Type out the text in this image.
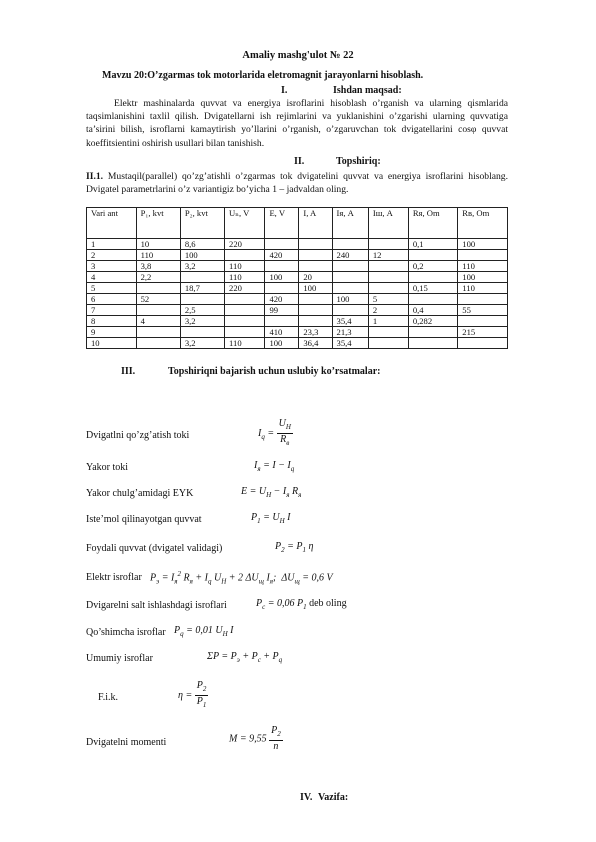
Amaliy mashg'ulot № 22
Mavzu 20:O’zgarmas tok motorlarida eletromagnit jarayonlarni hisoblash.
I.	Ishdan maqsad:
Elektr mashinalarda quvvat va energiya isroflarini hisoblash o’rganish va ularning qismlarida taqsimlanishini taxlil qilish. Dvigatellarni ish rejimlarini va yuklanishini o’zgarishi ularning quvvatiga ta’sirini bilish, isroflarni kamaytirish yo’llarini o’rganish, o’zgaruvchan tok dvigatellarini cosφ quvvat koeffitsientini oshirish usullari bilan tanishish.
II.	Topshiriq:
II.1. Mustaqil(parallel) qo’zg’atishli o’zgarmas tok dvigatelini quvvat va energiya isroflarini hisoblang. Dvigatel parametrlarini o’z variantigiz bo’yicha 1 – jadvaldan oling.
Vari ant	P₁, kvt	P₂, kvt	Uₙ, V	E, V	I, A	Iя, A	Iш, A	Rя, Om	Rв, Om
1	10	8,6	220					0,1	100
2	110	100		420		240	12		
3	3,8	3,2	110					0,2	110
4	2,2		110	100	20				100
5		18,7	220		100			0,15	110
6	52			420		100	5		
7		2,5		99			2	0,4	55
8	4	3,2				35,4	1	0,282	
9				410	23,3	21,3			215
10		3,2	110	100	36,4	35,4			
III.	Topshiriqni bajarish uchun uslubiy ko’rsatmalar:
Dvigatlni qo’zg’atish toki	$I_q = \frac{U_H}{R_в}$
Yakor toki	$I_я = I - I_q$
Yakor chulg’amidagi EYK	$E = U_H - I_я$ $R_я$
Iste’mol qilinayotgan quvvat	$P_1 = U_H$ I
Foydali quvvat (dvigatel validagi)	$P_2 = P_1$ η
Elektr isroflar $P_э = I_я^2$ $R_я + I_q$ $U_H + 2$ $\Delta U_щ$ $I_я$;  $\Delta U_щ = 0,6$ V
Dvigarelni salt ishlashdagi isroflari	$P_c = 0,06$ $P_1$ deb oling
Qo’shimcha isroflar $P_q = 0,01$ $U_H$ I
Umumiy isroflar	$\Sigma P = P_э + P_c + P_q$
F.i.k.	$\eta = \frac{P_2}{P_1}$
Dvigatelni momenti	$M = 9,55 \frac{P_2}{n}$
IV. Vazifa:
